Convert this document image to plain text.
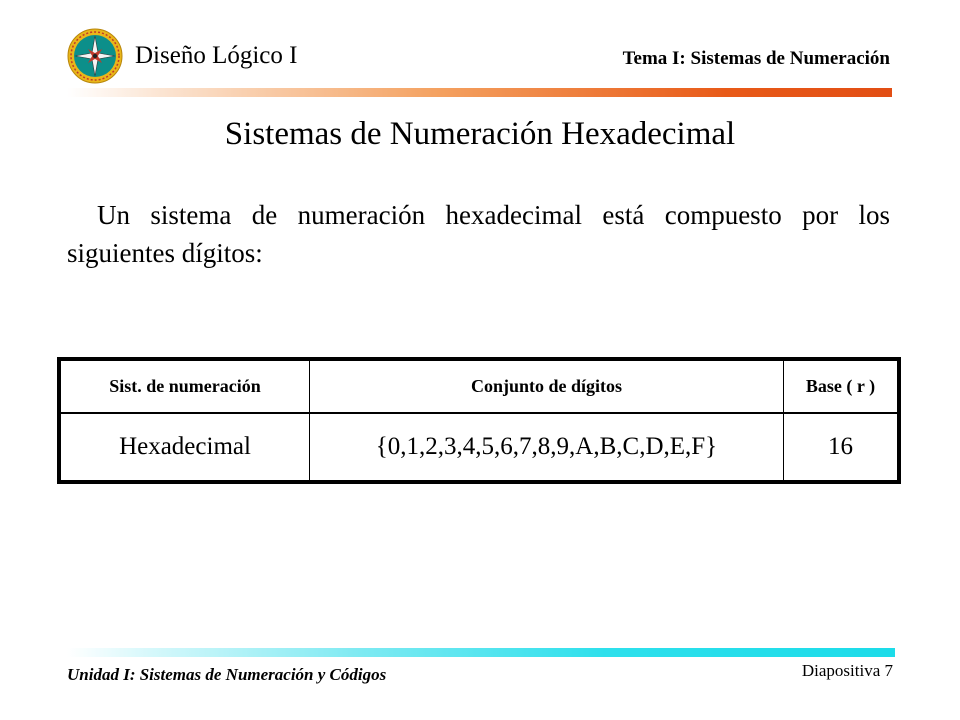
Diseño Lógico I	Tema I: Sistemas de Numeración
Sistemas de Numeración Hexadecimal
Un sistema de numeración hexadecimal está compuesto por los siguientes dígitos:
Sist. de numeración	Conjunto de dígitos	Base ( r )
Hexadecimal	{0,1,2,3,4,5,6,7,8,9,A,B,C,D,E,F}	16
Unidad I: Sistemas de Numeración y Códigos	Diapositiva 7
